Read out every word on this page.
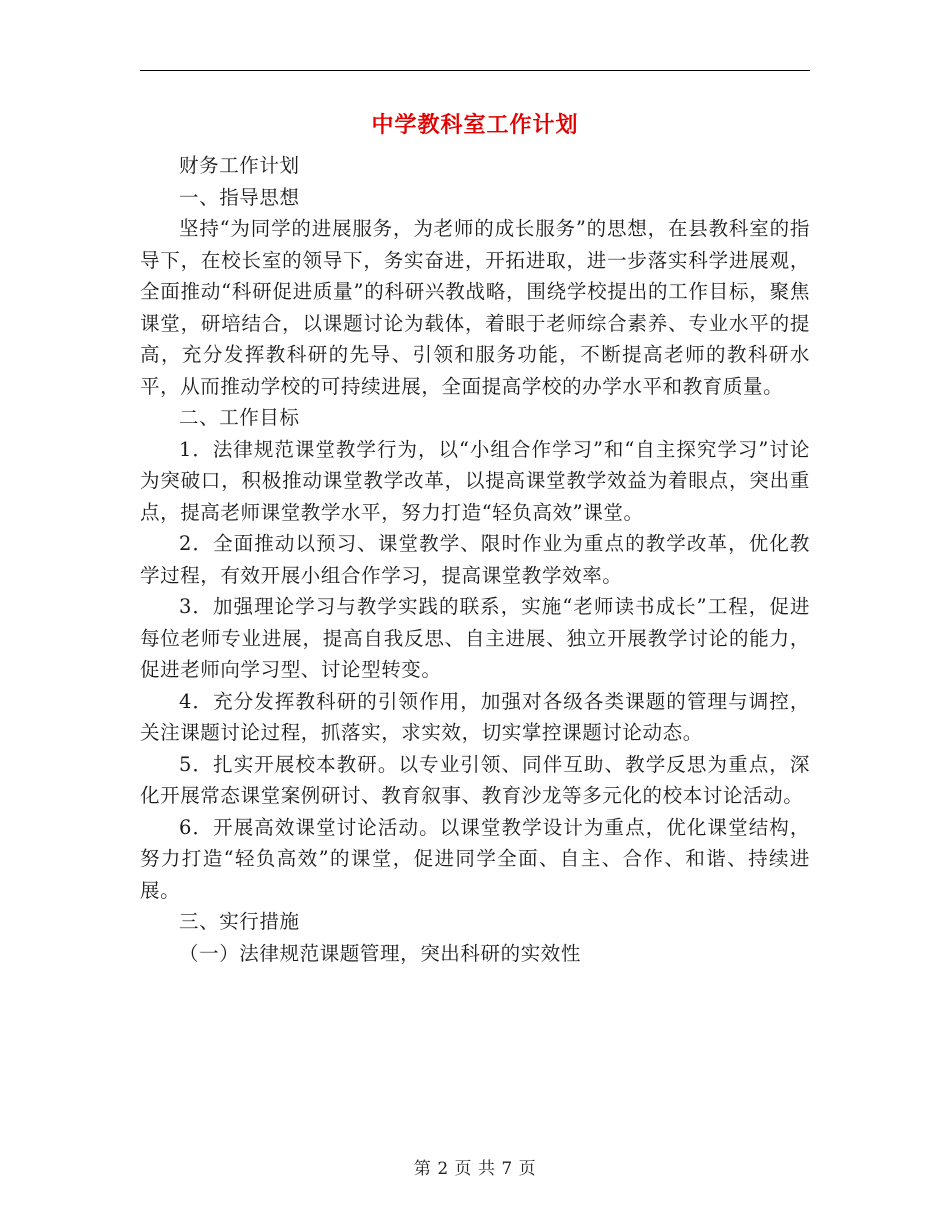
中学教科室工作计划

财务工作计划

一、指导思想

坚持“为同学的进展服务，为老师的成长服务”的思想，在县教科室的指导下，在校长室的领导下，务实奋进，开拓进取，进一步落实科学进展观，全面推动“科研促进质量”的科研兴教战略，围绕学校提出的工作目标，聚焦课堂，研培结合，以课题讨论为载体，着眼于老师综合素养、专业水平的提高，充分发挥教科研的先导、引领和服务功能，不断提高老师的教科研水平，从而推动学校的可持续进展，全面提高学校的办学水平和教育质量。

二、工作目标

1．法律规范课堂教学行为，以“小组合作学习”和“自主探究学习”讨论为突破口，积极推动课堂教学改革，以提高课堂教学效益为着眼点，突出重点，提高老师课堂教学水平，努力打造“轻负高效”课堂。

2．全面推动以预习、课堂教学、限时作业为重点的教学改革，优化教学过程，有效开展小组合作学习，提高课堂教学效率。

3．加强理论学习与教学实践的联系，实施“老师读书成长”工程，促进每位老师专业进展，提高自我反思、自主进展、独立开展教学讨论的能力，促进老师向学习型、讨论型转变。

4．充分发挥教科研的引领作用，加强对各级各类课题的管理与调控，关注课题讨论过程，抓落实，求实效，切实掌控课题讨论动态。

5．扎实开展校本教研。以专业引领、同伴互助、教学反思为重点，深化开展常态课堂案例研讨、教育叙事、教育沙龙等多元化的校本讨论活动。

6．开展高效课堂讨论活动。以课堂教学设计为重点，优化课堂结构，努力打造“轻负高效”的课堂，促进同学全面、自主、合作、和谐、持续进展。

三、实行措施

（一）法律规范课题管理，突出科研的实效性

第 2 页 共 7 页
